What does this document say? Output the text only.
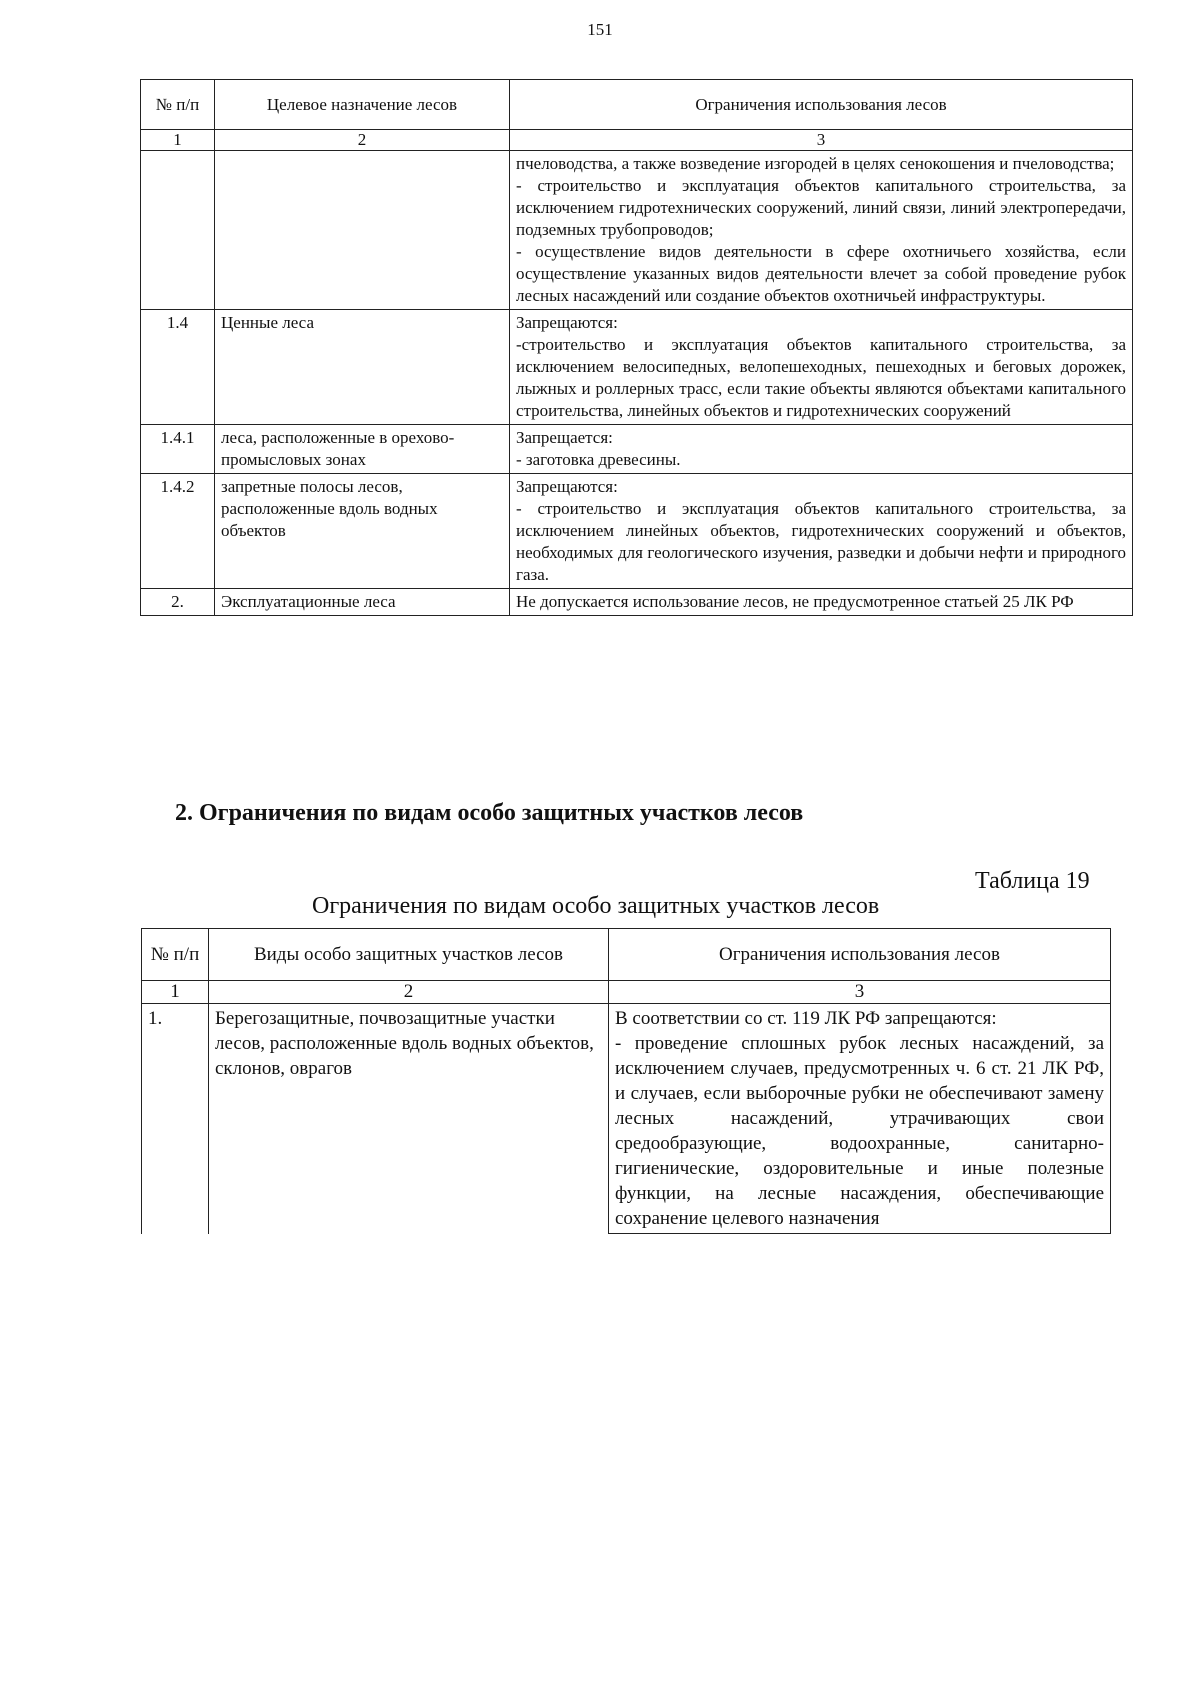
151
№ п/п	Целевое назначение лесов	Ограничения использования лесов
1	2	3

		пчеловодства, а также возведение изгородей в целях сенокошения и пчеловодства;
- строительство и эксплуатация объектов капитального строительства, за исключением гидротехнических сооружений, линий связи, линий электропередачи, подземных трубопроводов;
- осуществление видов деятельности в сфере охотничьего хозяйства, если осуществление указанных видов деятельности влечет за собой проведение рубок лесных насаждений или создание объектов охотничьей инфраструктуры.

1.4	Ценные леса	Запрещаются:
-строительство и эксплуатация объектов капитального строительства, за исключением велосипедных, велопешеходных, пешеходных и беговых дорожек, лыжных и роллерных трасс, если такие объекты являются объектами капитального строительства, линейных объектов и гидротехнических сооружений

1.4.1	леса, расположенные в орехово-промысловых зонах	Запрещается:
- заготовка древесины.

1.4.2	запретные полосы лесов, расположенные вдоль водных объектов	Запрещаются:
- строительство и эксплуатация объектов капитального строительства, за исключением линейных объектов, гидротехнических сооружений и объектов, необходимых для геологического изучения, разведки и добычи нефти и природного газа.

2.	Эксплуатационные леса	Не допускается использование лесов, не предусмотренное статьей 25 ЛК РФ
2. Ограничения по видам особо защитных участков лесов
Таблица 19
Ограничения по видам особо защитных участков лесов
№ п/п	Виды особо защитных участков лесов	Ограничения использования лесов
1	2	3
1.	Берегозащитные, почвозащитные участки лесов, расположенные вдоль водных объектов, склонов, оврагов	В соответствии со ст. 119 ЛК РФ запрещаются:
- проведение сплошных рубок лесных насаждений, за исключением случаев, предусмотренных ч. 6 ст. 21 ЛК РФ, и случаев, если выборочные рубки не обеспечивают замену лесных насаждений, утрачивающих свои средообразующие, водоохранные, санитарно-гигиенические, оздоровительные и иные полезные функции, на лесные насаждения, обеспечивающие сохранение целевого назначения
